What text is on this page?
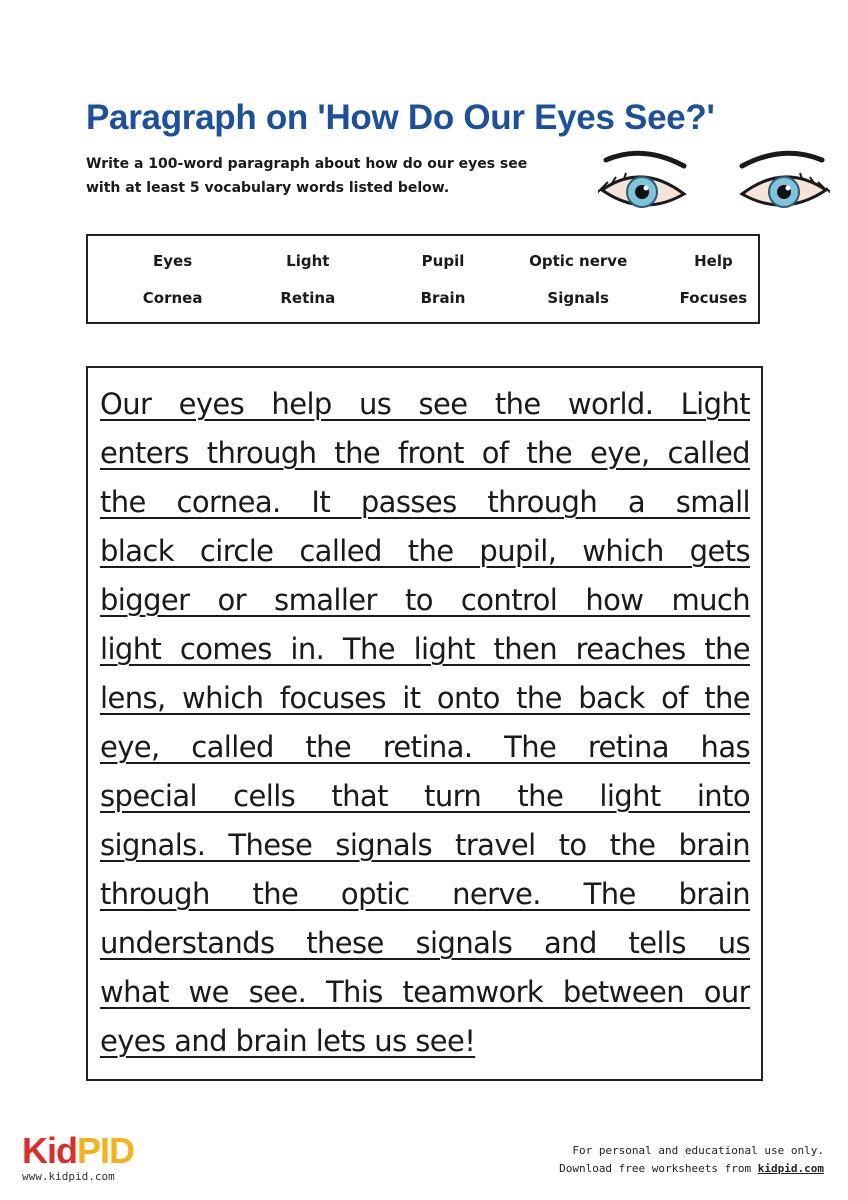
Paragraph on 'How Do Our Eyes See?'
Write a 100-word paragraph about how do our eyes see
with at least 5 vocabulary words listed below.
Eyes	Light	Pupil	Optic nerve	Help
Cornea	Retina	Brain	Signals	Focuses
Our eyes help us see the world. Light
enters through the front of the eye, called
the cornea. It passes through a small
black circle called the pupil, which gets
bigger or smaller to control how much
light comes in. The light then reaches the
lens, which focuses it onto the back of the
eye, called the retina. The retina has
special cells that turn the light into
signals. These signals travel to the brain
through the optic nerve. The brain
understands these signals and tells us
what we see. This teamwork between our
eyes and brain lets us see!
KidPID
www.kidpid.com
For personal and educational use only.
Download free worksheets from kidpid.com
